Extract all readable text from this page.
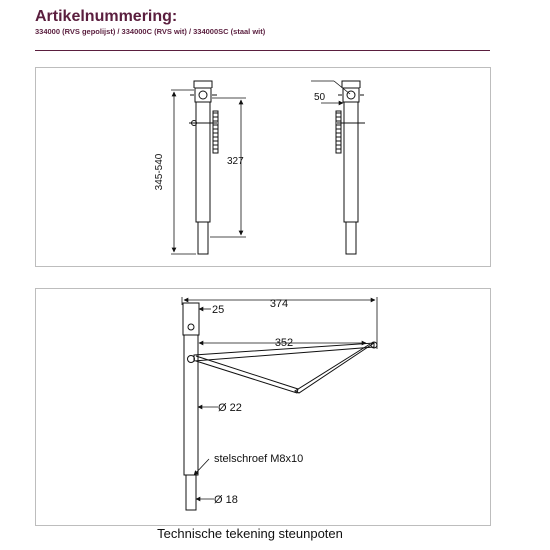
Artikelnummering:
334000 (RVS gepolijst) / 334000C (RVS wit) / 334000SC (staal wit)
345-540	327
50
374
25
352
Ø 22
stelschroef M8x10
Ø 18
Technische tekening steunpoten
